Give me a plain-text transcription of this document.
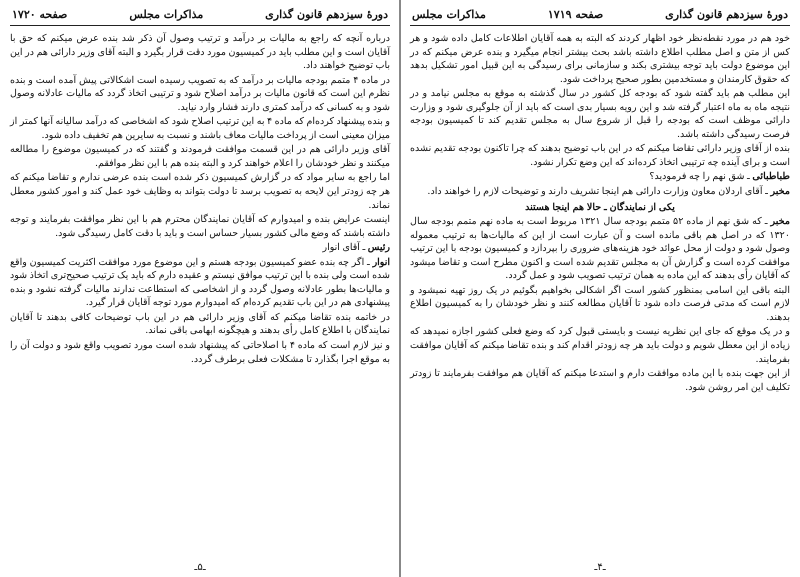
دورهٔ سیزدهم قانون گذاری
صفحه ۱۷۱۹
مذاکرات مجلس

خود هم در مورد نقطه‌نظر خود اظهار کردند که البته به همه آقایان اطلاعات کامل داده شود و هر کس از متن و اصل مطلب اطلاع داشته باشد بحث بیشتر انجام میگیرد و بنده عرض میکنم که در این موضوع دولت باید توجه بیشتری بکند و سازمانی برای رسیدگی به این قبیل امور تشکیل بدهد که حقوق کارمندان و مستخدمین بطور صحیح پرداخت شود.

این مطلب هم باید گفته شود که بودجه کل کشور در سال گذشته به موقع به مجلس نیامد و در نتیجه ماه به ماه اعتبار گرفته شد و این رویه بسیار بدی است که باید از آن جلوگیری شود و وزارت دارائی موظف است که بودجه را قبل از شروع سال به مجلس تقدیم کند تا کمیسیون بودجه فرصت رسیدگی داشته باشد.

بنده از آقای وزیر دارائی تقاضا میکنم که در این باب توضیح بدهند که چرا تاکنون بودجه تقدیم نشده است و برای آینده چه ترتیبی اتخاذ کرده‌اند که این وضع تکرار نشود.

طباطبائی ـ شق نهم را چه فرمودید؟

مخبر ـ آقای اردلان معاون وزارت دارائی هم اینجا تشریف دارند و توضیحات لازم را خواهند داد.

یکی از نمایندگان ـ حالا هم اینجا هستند

مخبر ـ که شق نهم از ماده ۵۲ متمم بودجه سال ۱۳۲۱ مربوط است به ماده نهم متمم بودجه سال ۱۳۲۰ که در اصل هم باقی مانده است و آن عبارت است از این که مالیات‌ها به ترتیب معموله وصول شود و دولت از محل عوائد خود هزینه‌های ضروری را بپردازد و کمیسیون بودجه با این ترتیب موافقت کرده است و گزارش آن به مجلس تقدیم شده است و اکنون مطرح است و تقاضا میشود که آقایان رأی بدهند که این ماده به همان ترتیب تصویب شود و عمل گردد.

البته باقی این اسامی بمنظور کشور است اگر اشکالی بخواهیم بگوئیم در یک روز تهیه نمیشود و لازم است که مدتی فرصت داده شود تا آقایان مطالعه کنند و نظر خودشان را به کمیسیون اطلاع بدهند.

و در یک موقع که جای این نظریه نیست و بایستی قبول کرد که وضع فعلی کشور اجازه نمیدهد که زیاده از این معطل شویم و دولت باید هر چه زودتر اقدام کند و بنده تقاضا میکنم که آقایان موافقت بفرمایند.

از این جهت بنده با این ماده موافقت دارم و استدعا میکنم که آقایان هم موافقت بفرمایند تا زودتر تکلیف این امر روشن شود.

ـ۴ـ
دورهٔ سیزدهم قانون گذاری
مذاکرات مجلس
صفحه ۱۷۲۰

درباره آنچه که راجع به مالیات بر درآمد و ترتیب وصول آن ذکر شد بنده عرض میکنم که حق با آقایان است و این مطلب باید در کمیسیون مورد دقت قرار بگیرد و البته آقای وزیر دارائی هم در این باب توضیح خواهند داد.

در ماده ۴ متمم بودجه مالیات بر درآمد که به تصویب رسیده است اشکالاتی پیش آمده است و بنده نظرم این است که قانون مالیات بر درآمد اصلاح شود و ترتیبی اتخاذ گردد که مالیات عادلانه وصول شود و به کسانی که درآمد کمتری دارند فشار وارد نیاید.

و بنده پیشنهاد کرده‌ام که ماده ۴ به این ترتیب اصلاح شود که اشخاصی که درآمد سالیانه آنها کمتر از میزان معینی است از پرداخت مالیات معاف باشند و نسبت به سایرین هم تخفیف داده شود.

آقای وزیر دارائی هم در این قسمت موافقت فرمودند و گفتند که در کمیسیون موضوع را مطالعه میکنند و نظر خودشان را اعلام خواهند کرد و البته بنده هم با این نظر موافقم.

اما راجع به سایر مواد که در گزارش کمیسیون ذکر شده است بنده عرضی ندارم و تقاضا میکنم که هر چه زودتر این لایحه به تصویب برسد تا دولت بتواند به وظایف خود عمل کند و امور کشور معطل نماند.

اینست عرایض بنده و امیدوارم که آقایان نمایندگان محترم هم با این نظر موافقت بفرمایند و توجه داشته باشند که وضع مالی کشور بسیار حساس است و باید با دقت کامل رسیدگی شود.

رئیس ـ آقای انوار

انوار ـ اگر چه بنده عضو کمیسیون بودجه هستم و این موضوع مورد موافقت اکثریت کمیسیون واقع شده است ولی بنده با این ترتیب موافق نیستم و عقیده دارم که باید یک ترتیب صحیح‌تری اتخاذ شود و مالیات‌ها بطور عادلانه وصول گردد و از اشخاصی که استطاعت ندارند مالیات گرفته نشود و بنده پیشنهادی هم در این باب تقدیم کرده‌ام که امیدوارم مورد توجه آقایان قرار گیرد.

در خاتمه بنده تقاضا میکنم که آقای وزیر دارائی هم در این باب توضیحات کافی بدهند تا آقایان نمایندگان با اطلاع کامل رأی بدهند و هیچگونه ابهامی باقی نماند.

و نیز لازم است که ماده ۴ با اصلاحاتی که پیشنهاد شده است مورد تصویب واقع شود و دولت آن را به موقع اجرا بگذارد تا مشکلات فعلی برطرف گردد.

ـ۵ـ
